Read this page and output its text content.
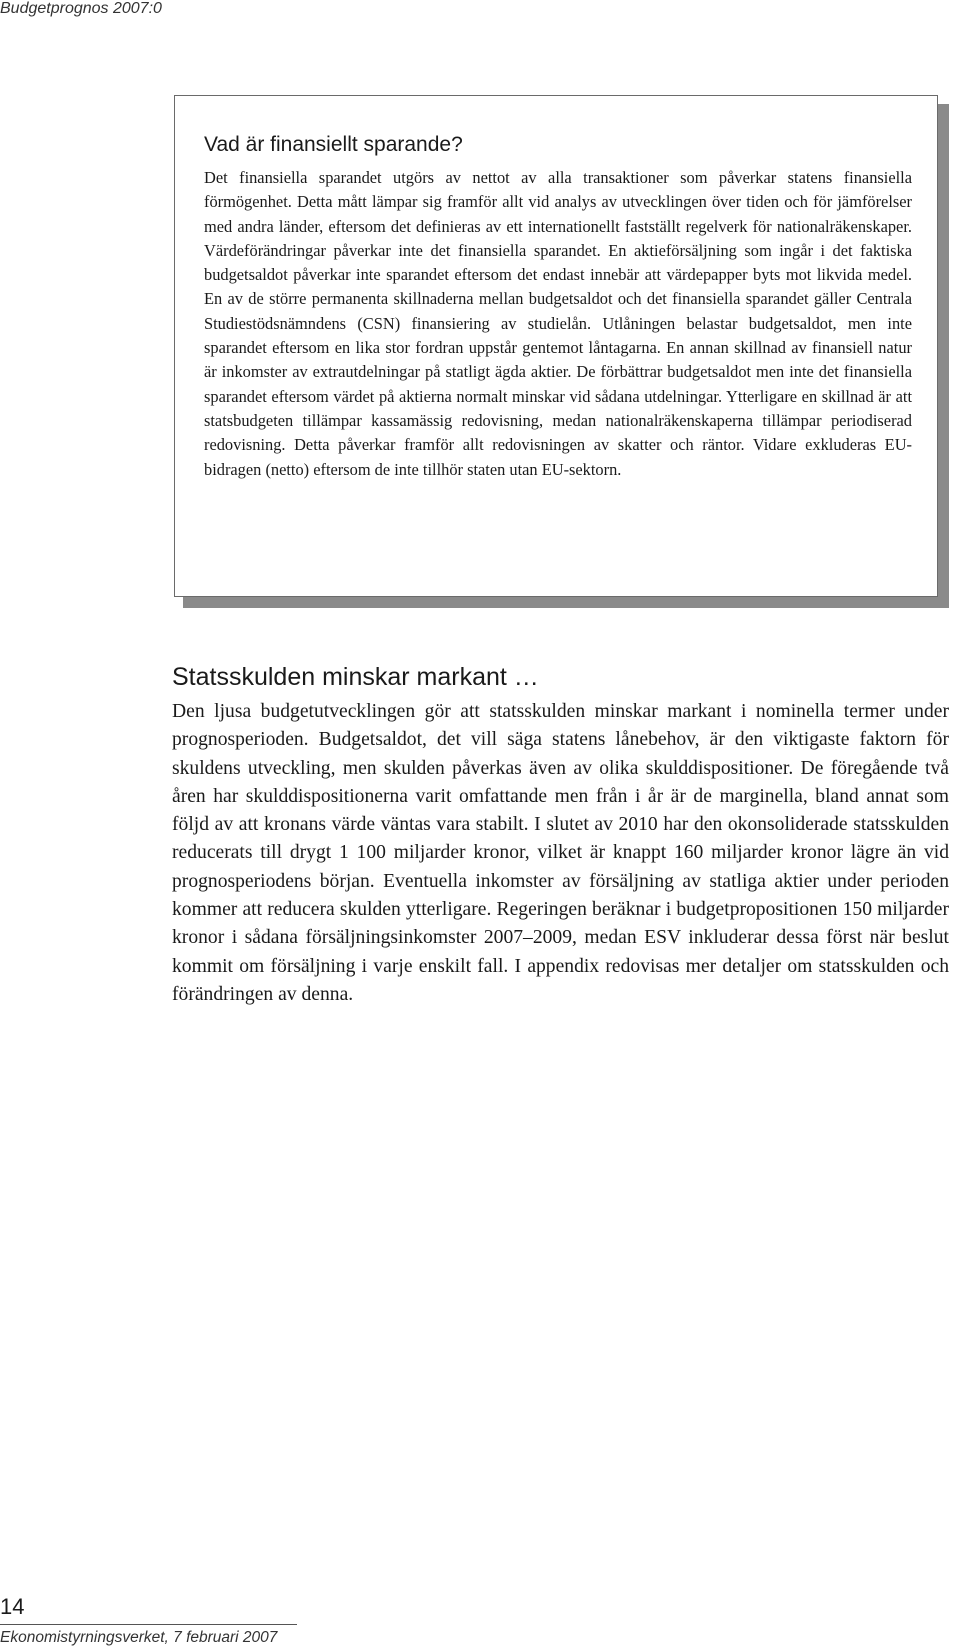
Budgetprognos 2007:0
Vad är finansiellt sparande?

Det finansiella sparandet utgörs av nettot av alla transaktioner som påverkar statens finansiella förmögenhet. Detta mått lämpar sig framför allt vid analys av utvecklingen över tiden och för jämförelser med andra länder, eftersom det definieras av ett internationellt fastställt regelverk för nationalräkenskaper. Värdeförändringar påverkar inte det finansiella sparandet. En aktieförsäljning som ingår i det faktiska budgetsaldot påverkar inte sparandet eftersom det endast innebär att värdepapper byts mot likvida medel. En av de större permanenta skillnaderna mellan budgetsaldot och det finansiella sparandet gäller Centrala Studiestödsnämndens (CSN) finansiering av studielån. Utlåningen belastar budgetsaldot, men inte sparandet eftersom en lika stor fordran uppstår gentemot låntagarna. En annan skillnad av finansiell natur är inkomster av extrautdelningar på statligt ägda aktier. De förbättrar budgetsaldot men inte det finansiella sparandet eftersom värdet på aktierna normalt minskar vid sådana utdelningar. Ytterligare en skillnad är att statsbudgeten tillämpar kassamässig redovisning, medan nationalräkenskaperna tillämpar periodiserad redovisning. Detta påverkar framför allt redovisningen av skatter och räntor. Vidare exkluderas EU-bidragen (netto) eftersom de inte tillhör staten utan EU-sektorn.

Statsskulden minskar markant …

Den ljusa budgetutvecklingen gör att statsskulden minskar markant i nominella termer under prognosperioden. Budgetsaldot, det vill säga statens lånebehov, är den viktigaste faktorn för skuldens utveckling, men skulden påverkas även av olika skulddispositioner. De föregående två åren har skulddispositionerna varit omfattande men från i år är de marginella, bland annat som följd av att kronans värde väntas vara stabilt. I slutet av 2010 har den okonsoliderade statsskulden reducerats till drygt 1 100 miljarder kronor, vilket är knappt 160 miljarder kronor lägre än vid prognosperiodens början. Eventuella inkomster av försäljning av statliga aktier under perioden kommer att reducera skulden ytterligare. Regeringen beräknar i budgetpropositionen 150 miljarder kronor i sådana försäljningsinkomster 2007–2009, medan ESV inkluderar dessa först när beslut kommit om försäljning i varje enskilt fall. I appendix redovisas mer detaljer om statsskulden och förändringen av denna.

14
Ekonomistyrningsverket, 7 februari 2007
